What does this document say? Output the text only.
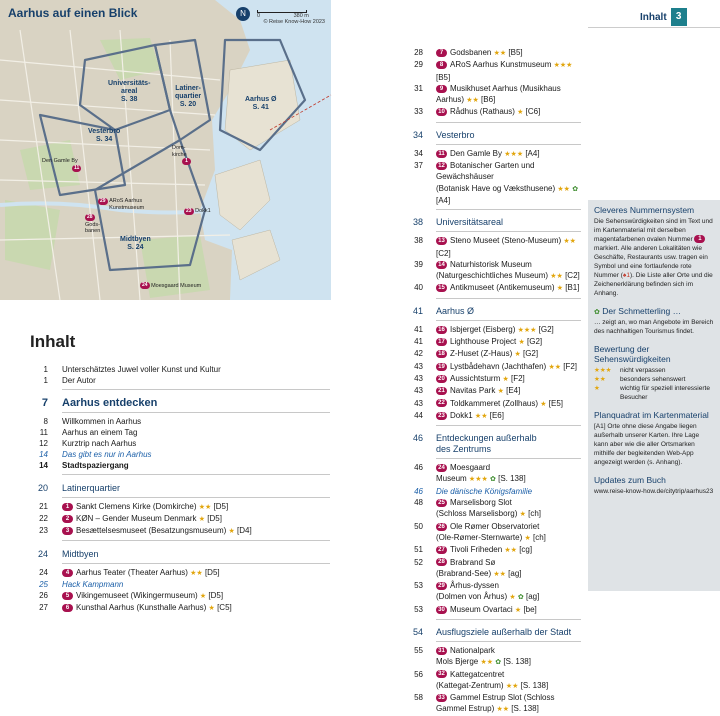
Aarhus auf einen Blick	N	0	380 m
© Reise Know-How 2023
Universitäts-
areal
S. 38
Latiner-
quartier
S. 20
Aarhus Ø
S. 41
Vesterbro
S. 34
Midtbyen
S. 24
Den Gamle By
11
Dom-
kirche
1
29 ARoS Aarhus
Kunstmuseum
28
Gods-
banen
23 Dokk1
24 Moesgaard Museum
Inhalt 3
Inhalt
1 Unterschätztes Juwel voller Kunst und Kultur
1 Der Autor
7 Aarhus entdecken
8 Willkommen in Aarhus
11 Aarhus an einem Tag
12 Kurztrip nach Aarhus
14 Das gibt es nur in Aarhus
14 Stadtspaziergang
20 Latinerquartier
21	1 Sankt Clemens Kirke (Domkirche) ★★ [D5]
22	2 KØN – Gender Museum Denmark ★ [D5]
23	3 Besættelsesmuseet (Besatzungsmuseum) ★ [D4]
24 Midtbyen
24	4 Aarhus Teater (Theater Aarhus) ★★ [D5]
25 Hack Kampmann
26	5 Vikingemuseet (Wikingermuseum) ★ [D5]
27	6 Kunsthal Aarhus (Kunsthalle Aarhus) ★ [C5]
28	7 Godsbanen ★★ [B5]
29	8 ARoS Aarhus Kunstmuseum ★★★ [B5]
31	9 Musikhuset Aarhus (Musikhaus Aarhus) ★★ [B6]
33	10 Rådhus (Rathaus) ★ [C6]
34 Vesterbro
34	11 Den Gamle By ★★★ [A4]
37	12 Botanischer Garten und Gewächshäuser
(Botanisk Have og Væksthusene) ★★ ✿ [A4]
38 Universitätsareal
38	13 Steno Museet (Steno-Museum) ★★ [C2]
39	14 Naturhistorisk Museum
(Naturgeschichtliches Museum) ★★ [C2]
40	15 Antikmuseet (Antikemuseum) ★ [B1]
41 Aarhus Ø
41	16 Isbjerget (Eisberg) ★★★ [G2]
41	17 Lighthouse Project ★ [G2]
42	18 Z-Huset (Z-Haus) ★ [G2]
43	19 Lystbådehavn (Jachthafen) ★★ [F2]
43	20 Aussichtsturm ★ [F2]
43	21 Navitas Park ★ [E4]
43	22 Toldkammeret (Zollhaus) ★ [E5]
44	23 Dokk1 ★★ [E6]
46 Entdeckungen außerhalb
des Zentrums
46	24 Moesgaard
Museum ★★★ ✿ [S. 138]
46 Die dänische Königsfamilie
48	25 Marselisborg Slot
(Schloss Marselisborg) ★ [ch]
50	26 Ole Rømer Observatoriet
(Ole-Rømer-Sternwarte) ★ [ch]
51	27 Tivoli Friheden ★★ [cg]
52	28 Brabrand Sø
(Brabrand-See) ★★ [ag]
53	29 Århus-dyssen
(Dolmen von Århus) ★ ✿ [ag]
53	30 Museum Ovartaci ★ [be]
54 Ausflugsziele außerhalb der Stadt
55	31 Nationalpark
Mols Bjerge ★★ ✿ [S. 138]
56	32 Kattegatcentret
(Kattegat-Zentrum) ★★ [S. 138]
58	33 Gammel Estrup Slot (Schloss
Gammel Estrup) ★★ [S. 138]
Cleveres Nummernsystem
Die Sehenswürdigkeiten sind im Text und im Kartenmaterial mit derselben magentafarbenen ovalen Nummer 1 markiert. Alle anderen Lokalitäten wie Geschäfte, Restaurants usw. tragen ein Symbol und eine fortlaufende rote Nummer (♠1). Die Liste aller Orte und die Zeichenerklärung befinden sich im Anhang.
✿ Der Schmetterling …
… zeigt an, wo man Angebote im Bereich des nachhaltigen Tourismus findet.
Bewertung der Sehenswürdigkeiten
★★★	nicht verpassen
★★	besonders sehenswert
★	wichtig für speziell interessierte Besucher
Planquadrat im Kartenmaterial
[A1] Orte ohne diese Angabe liegen außerhalb unserer Karten. Ihre Lage kann aber wie die aller Ortsmarken mithilfe der begleitenden Web-App angezeigt werden (s. Anhang).
Updates zum Buch
www.reise-know-how.de/citytrip/aarhus23
